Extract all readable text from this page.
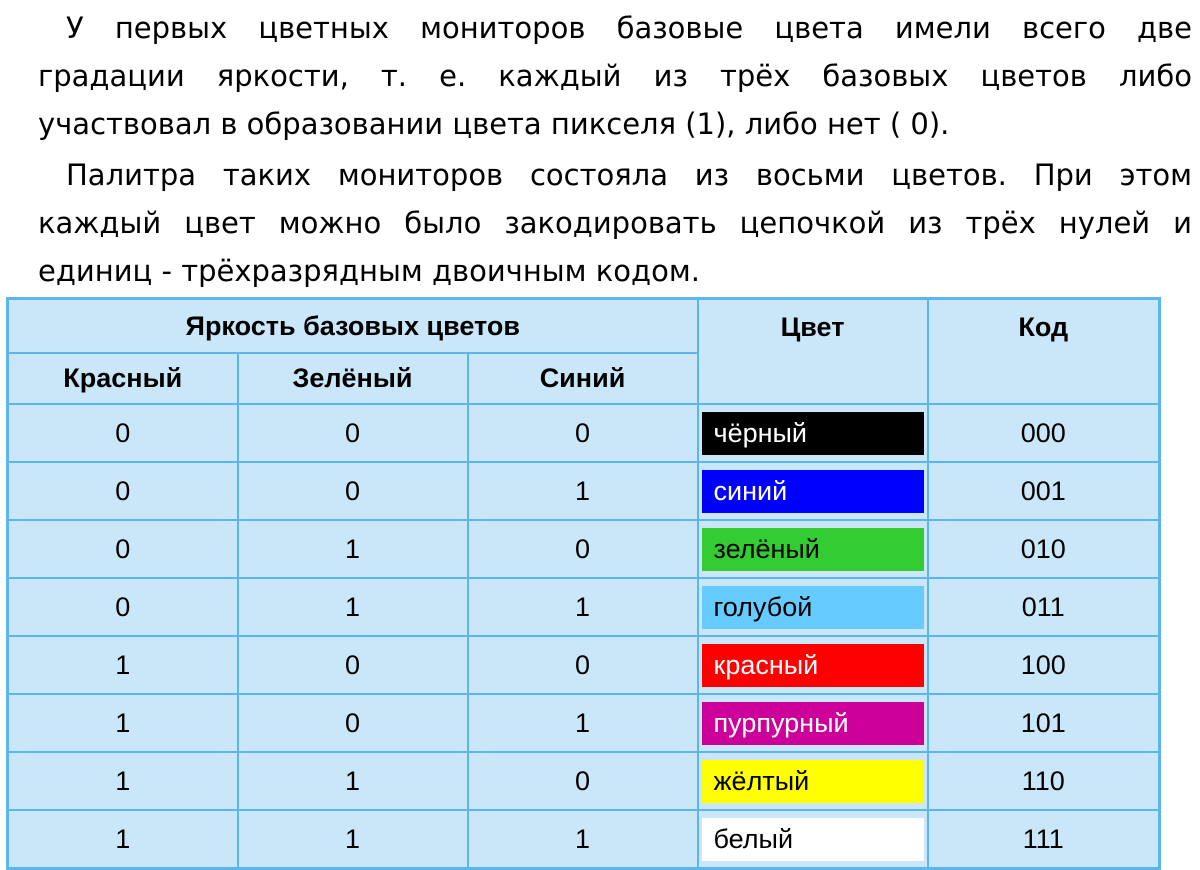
У первых цветных мониторов базовые цвета имели всего две
градации яркости, т. е. каждый из трёх базовых цветов либо
участвовал в образовании цвета пикселя (1), либо нет ( 0).
Палитра таких мониторов состояла из восьми цветов. При этом
каждый цвет можно было закодировать цепочкой из трёх нулей и
единиц - трёхразрядным двоичным кодом.
Яркость базовых цветов			Цвет	Код
Красный	Зелёный	Синий		
0	0	0	чёрный	000
0	0	1	синий	001
0	1	0	зелёный	010
0	1	1	голубой	011
1	0	0	красный	100
1	0	1	пурпурный	101
1	1	0	жёлтый	110
1	1	1	белый	111
